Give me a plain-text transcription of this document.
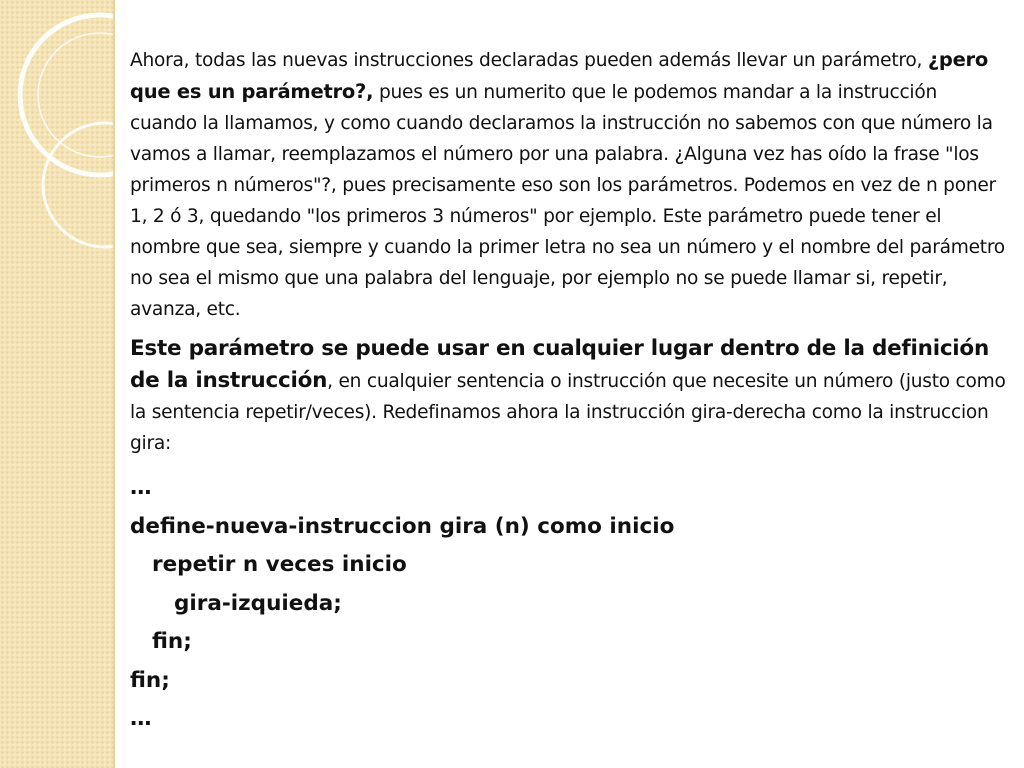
Ahora, todas las nuevas instrucciones declaradas pueden además llevar un parámetro, ¿pero que es un parámetro?, pues es un numerito que le podemos mandar a la instrucción cuando la llamamos, y como cuando declaramos la instrucción no sabemos con que número la vamos a llamar, reemplazamos el número por una palabra. ¿Alguna vez has oído la frase "los primeros n números"?, pues precisamente eso son los parámetros. Podemos en vez de n poner 1, 2 ó 3, quedando "los primeros 3 números" por ejemplo. Este parámetro puede tener el nombre que sea, siempre y cuando la primer letra no sea un número y el nombre del parámetro no sea el mismo que una palabra del lenguaje, por ejemplo no se puede llamar si, repetir, avanza, etc.

Este parámetro se puede usar en cualquier lugar dentro de la definición de la instrucción, en cualquier sentencia o instrucción que necesite un número (justo como la sentencia repetir/veces). Redefinamos ahora la instrucción gira-derecha como la instruccion gira:

…
define-nueva-instruccion gira (n) como inicio
repetir n veces inicio
gira-izquieda;
fin;
fin;
…
